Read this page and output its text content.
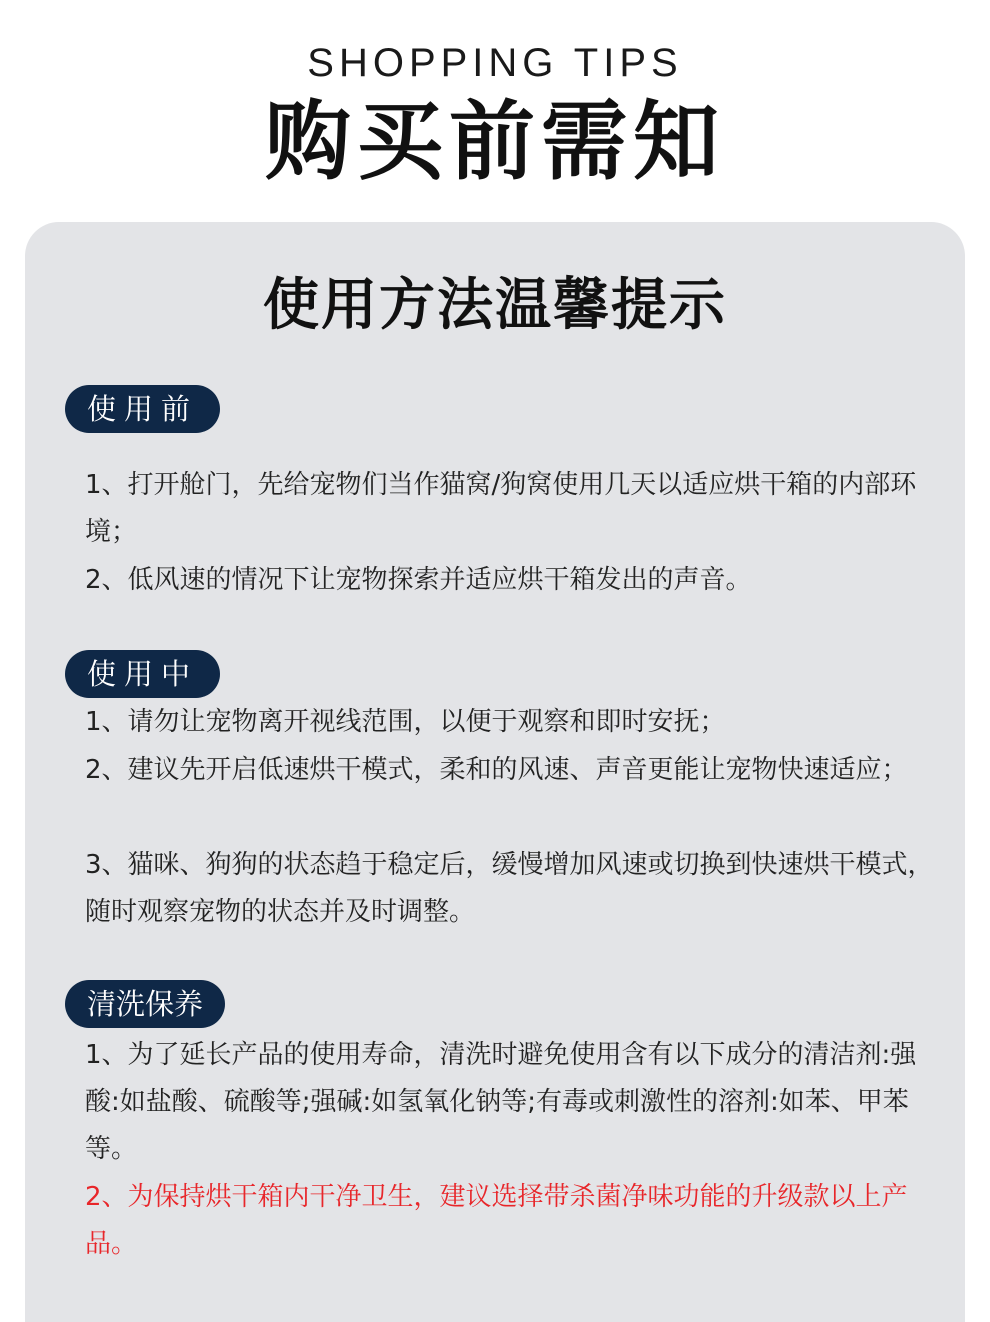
SHOPPING TIPS
购买前需知
使用方法温馨提示
使用前

1、打开舱门，先给宠物们当作猫窝/狗窝使用几天以适应烘干箱的内部环境；

2、低风速的情况下让宠物探索并适应烘干箱发出的声音。

使用中

1、请勿让宠物离开视线范围，以便于观察和即时安抚；

2、建议先开启低速烘干模式，柔和的风速、声音更能让宠物快速适应；

3、猫咪、狗狗的状态趋于稳定后，缓慢增加风速或切换到快速烘干模式，随时观察宠物的状态并及时调整。

清洗保养

1、为了延长产品的使用寿命，清洗时避免使用含有以下成分的清洁剂:强酸:如盐酸、硫酸等;强碱:如氢氧化钠等;有毒或刺激性的溶剂:如苯、甲苯等。

2、为保持烘干箱内干净卫生，建议选择带杀菌净味功能的升级款以上产品。
